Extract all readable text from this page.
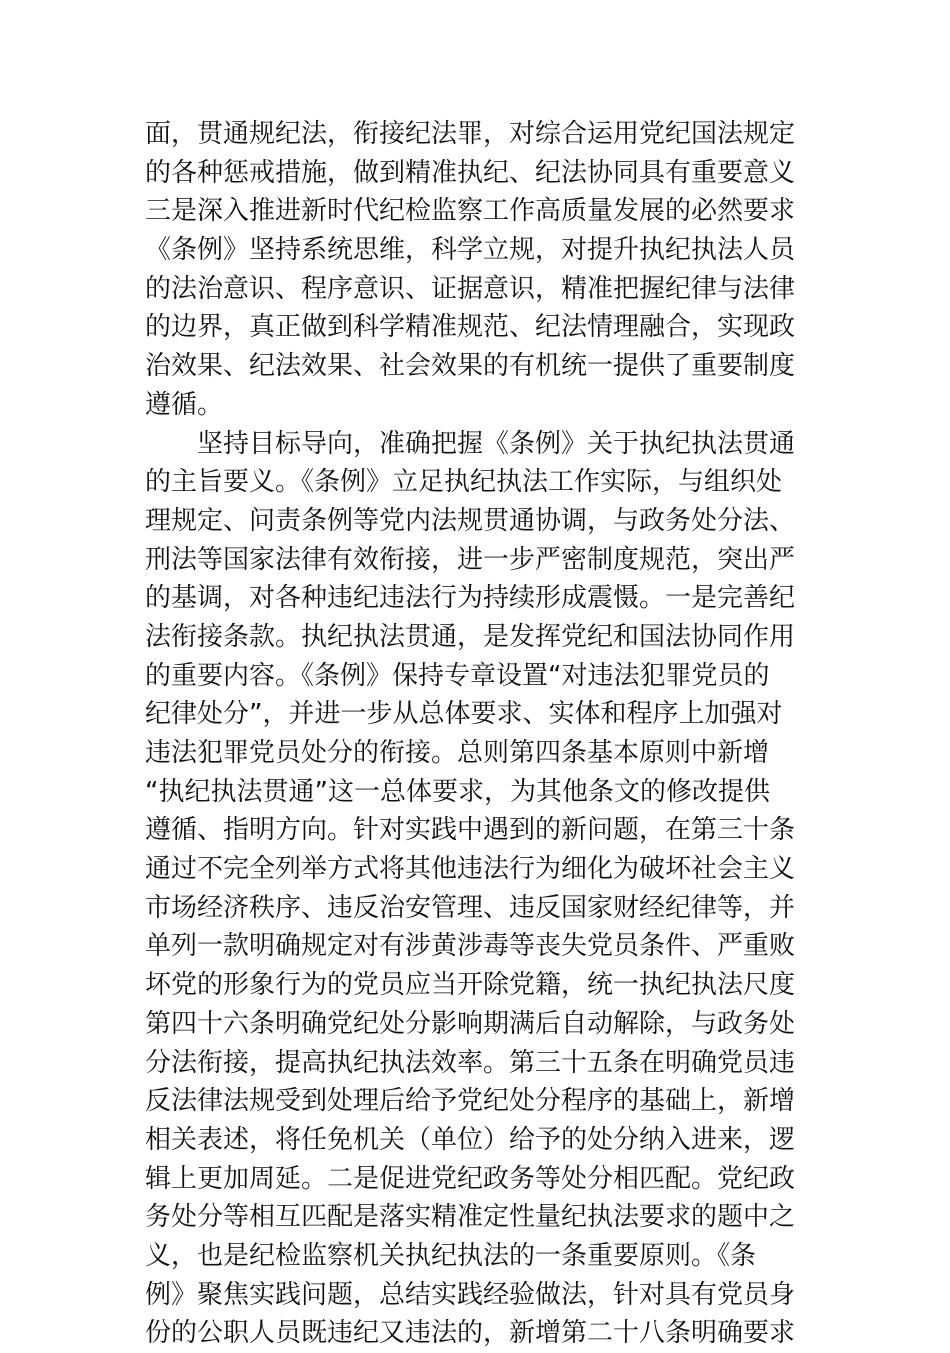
面，贯通规纪法，衔接纪法罪，对综合运用党纪国法规定
的各种惩戒措施，做到精准执纪、纪法协同具有重要意义
三是深入推进新时代纪检监察工作高质量发展的必然要求
《条例》坚持系统思维，科学立规，对提升执纪执法人员
的法治意识、程序意识、证据意识，精准把握纪律与法律
的边界，真正做到科学精准规范、纪法情理融合，实现政
治效果、纪法效果、社会效果的有机统一提供了重要制度
遵循。
　　坚持目标导向，准确把握《条例》关于执纪执法贯通
的主旨要义。《条例》立足执纪执法工作实际，与组织处
理规定、问责条例等党内法规贯通协调，与政务处分法、
刑法等国家法律有效衔接，进一步严密制度规范，突出严
的基调，对各种违纪违法行为持续形成震慑。一是完善纪
法衔接条款。执纪执法贯通，是发挥党纪和国法协同作用
的重要内容。《条例》保持专章设置“对违法犯罪党员的
纪律处分”，并进一步从总体要求、实体和程序上加强对
违法犯罪党员处分的衔接。总则第四条基本原则中新增
“执纪执法贯通”这一总体要求，为其他条文的修改提供
遵循、指明方向。针对实践中遇到的新问题，在第三十条
通过不完全列举方式将其他违法行为细化为破坏社会主义
市场经济秩序、违反治安管理、违反国家财经纪律等，并
单列一款明确规定对有涉黄涉毒等丧失党员条件、严重败
坏党的形象行为的党员应当开除党籍，统一执纪执法尺度
第四十六条明确党纪处分影响期满后自动解除，与政务处
分法衔接，提高执纪执法效率。第三十五条在明确党员违
反法律法规受到处理后给予党纪处分程序的基础上，新增
相关表述，将任免机关（单位）给予的处分纳入进来，逻
辑上更加周延。二是促进党纪政务等处分相匹配。党纪政
务处分等相互匹配是落实精准定性量纪执法要求的题中之
义，也是纪检监察机关执纪执法的一条重要原则。《条
例》聚焦实践问题，总结实践经验做法，针对具有党员身
份的公职人员既违纪又违法的，新增第二十八条明确要求
